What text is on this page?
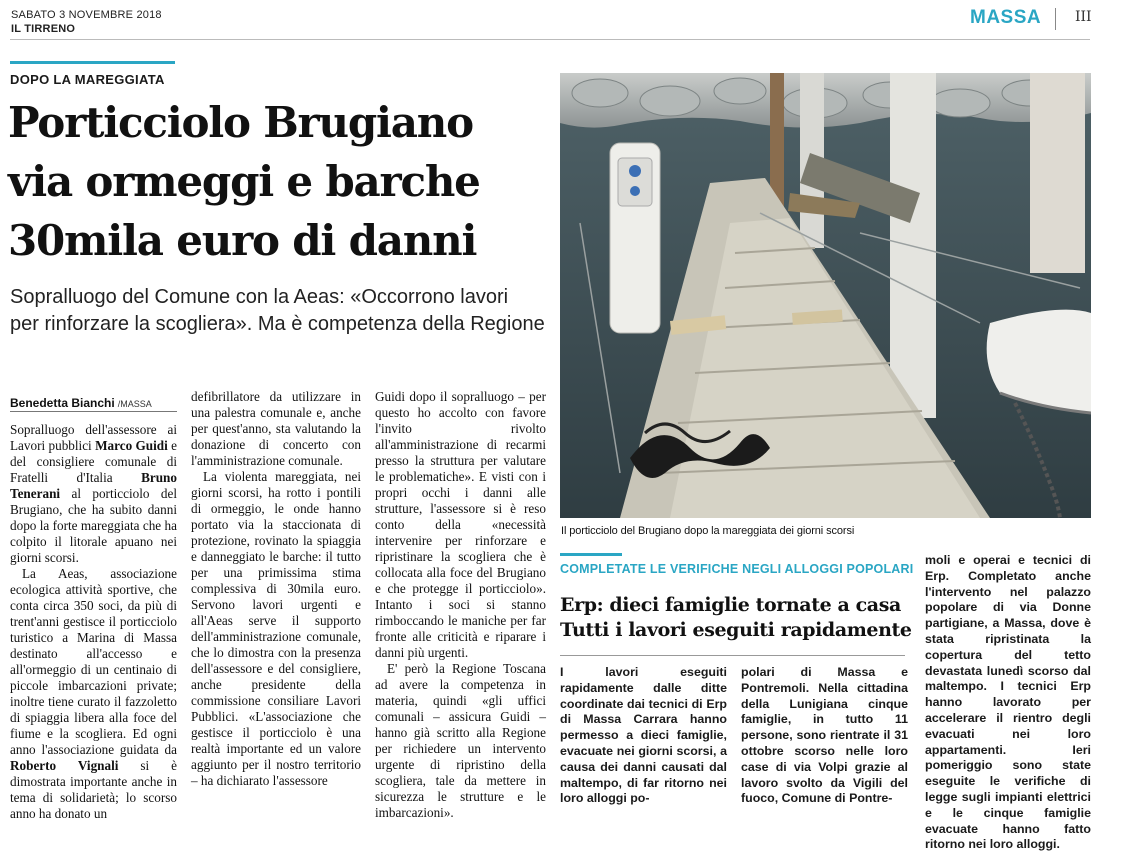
SABATO 3 NOVEMBRE 2018
IL TIRRENO
MASSA III
DOPO LA MAREGGIATA
Porticciolo Brugiano
via ormeggi e barche
30mila euro di danni
Sopralluogo del Comune con la Aeas: «Occorrono lavori
per rinforzare la scogliera». Ma è competenza della Regione
Benedetta Bianchi /MASSA

Sopralluogo dell'assessore ai Lavori pubblici Marco Guidi e del consigliere comunale di Fratelli d'Italia Bruno Tenerani al porticciolo del Brugiano, che ha subito danni dopo la forte mareggiata che ha colpito il litorale apuano nei giorni scorsi.

La Aeas, associazione ecologica attività sportive, che conta circa 350 soci, da più di trent'anni gestisce il porticciolo turistico a Marina di Massa destinato all'accesso e all'ormeggio di un centinaio di piccole imbarcazioni private; inoltre tiene curato il fazzoletto di spiaggia libera alla foce del fiume e la scogliera. Ed ogni anno l'associazione guidata da Roberto Vignali si è dimostrata importante anche in tema di solidarietà; lo scorso anno ha donato un

defibrillatore da utilizzare in una palestra comunale e, anche per quest'anno, sta valutando la donazione di concerto con l'amministrazione comunale.

La violenta mareggiata, nei giorni scorsi, ha rotto i pontili di ormeggio, le onde hanno portato via la staccionata di protezione, rovinato la spiaggia e danneggiato le barche: il tutto per una primissima stima complessiva di 30mila euro. Servono lavori urgenti e all'Aeas serve il supporto dell'amministrazione comunale, che lo dimostra con la presenza dell'assessore e del consigliere, anche presidente della commissione consiliare Lavori Pubblici. «L'associazione che gestisce il porticciolo è una realtà importante ed un valore aggiunto per il nostro territorio – ha dichiarato l'assessore

Guidi dopo il sopralluogo – per questo ho accolto con favore l'invito rivolto all'amministrazione di recarmi presso la struttura per valutare le problematiche». E visti con i propri occhi i danni alle strutture, l'assessore si è reso conto della «necessità intervenire per rinforzare e ripristinare la scogliera che è collocata alla foce del Brugiano e che protegge il porticciolo». Intanto i soci si stanno rimboccando le maniche per far fronte alle criticità e riparare i danni più urgenti.

E' però la Regione Toscana ad avere la competenza in materia, quindi «gli uffici comunali – assicura Guidi – hanno già scritto alla Regione per richiedere un intervento urgente di ripristino della scogliera, tale da mettere in sicurezza le strutture e le imbarcazioni».

Il porticciolo del Brugiano dopo la mareggiata dei giorni scorsi
COMPLETATE LE VERIFICHE NEGLI ALLOGGI POPOLARI
Erp: dieci famiglie tornate a casa
Tutti i lavori eseguiti rapidamente
I lavori eseguiti rapidamente dalle ditte coordinate dai tecnici di Erp di Massa Carrara hanno permesso a dieci famiglie, evacuate nei giorni scorsi, a causa dei danni causati dal maltempo, di far ritorno nei loro alloggi po-
polari di Massa e Pontremoli. Nella cittadina della Lunigiana cinque famiglie, in tutto 11 persone, sono rientrate il 31 ottobre scorso nelle loro case di via Volpi grazie al lavoro svolto da Vigili del fuoco, Comune di Pontre-
moli e operai e tecnici di Erp. Completato anche l'intervento nel palazzo popolare di via Donne partigiane, a Massa, dove è stata ripristinata la copertura del tetto devastata lunedì scorso dal maltempo. I tecnici Erp hanno lavorato per accelerare il rientro degli evacuati nei loro appartamenti. Ieri pomeriggio sono state eseguite le verifiche di legge sugli impianti elettrici e le cinque famiglie evacuate hanno fatto ritorno nei loro alloggi.
